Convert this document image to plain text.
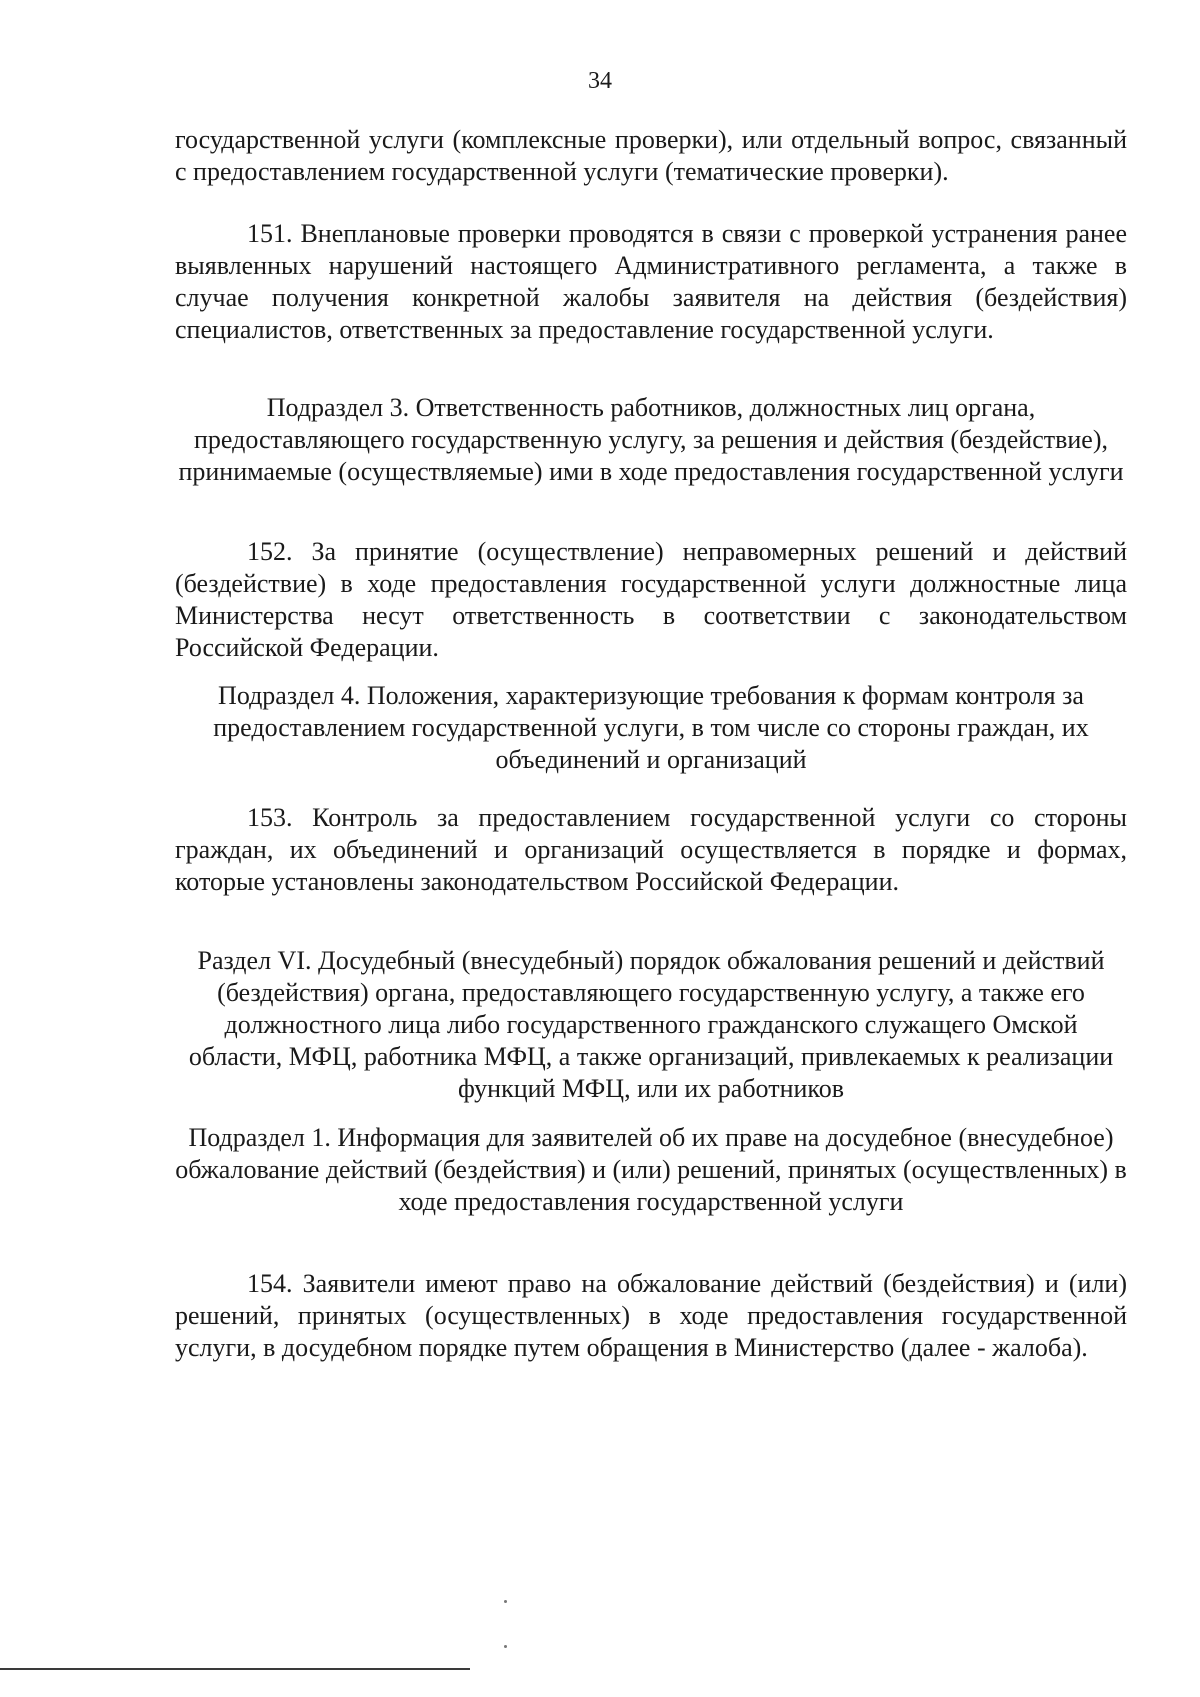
34
государственной услуги (комплексные проверки), или отдельный вопрос, связанный с предоставлением государственной услуги (тематические проверки).
151. Внеплановые проверки проводятся в связи с проверкой устранения ранее выявленных нарушений настоящего Административного регламента, а также в случае получения конкретной жалобы заявителя на действия (бездействия) специалистов, ответственных за предоставление государственной услуги.
Подраздел 3. Ответственность работников, должностных лиц органа, предоставляющего государственную услугу, за решения и действия (бездействие), принимаемые (осуществляемые) ими в ходе предоставления государственной услуги
152. За принятие (осуществление) неправомерных решений и действий (бездействие) в ходе предоставления государственной услуги должностные лица Министерства несут ответственность в соответствии с законодательством Российской Федерации.
Подраздел 4. Положения, характеризующие требования к формам контроля за предоставлением государственной услуги, в том числе со стороны граждан, их объединений и организаций
153. Контроль за предоставлением государственной услуги со стороны граждан, их объединений и организаций осуществляется в порядке и формах, которые установлены законодательством Российской Федерации.
Раздел VI. Досудебный (внесудебный) порядок обжалования решений и действий (бездействия) органа, предоставляющего государственную услугу, а также его должностного лица либо государственного гражданского служащего Омской области, МФЦ, работника МФЦ, а также организаций, привлекаемых к реализации функций МФЦ, или их работников
Подраздел 1. Информация для заявителей об их праве на досудебное (внесудебное) обжалование действий (бездействия) и (или) решений, принятых (осуществленных) в ходе предоставления государственной услуги
154. Заявители имеют право на обжалование действий (бездействия) и (или) решений, принятых (осуществленных) в ходе предоставления государственной услуги, в досудебном порядке путем обращения в Министерство (далее - жалоба).
